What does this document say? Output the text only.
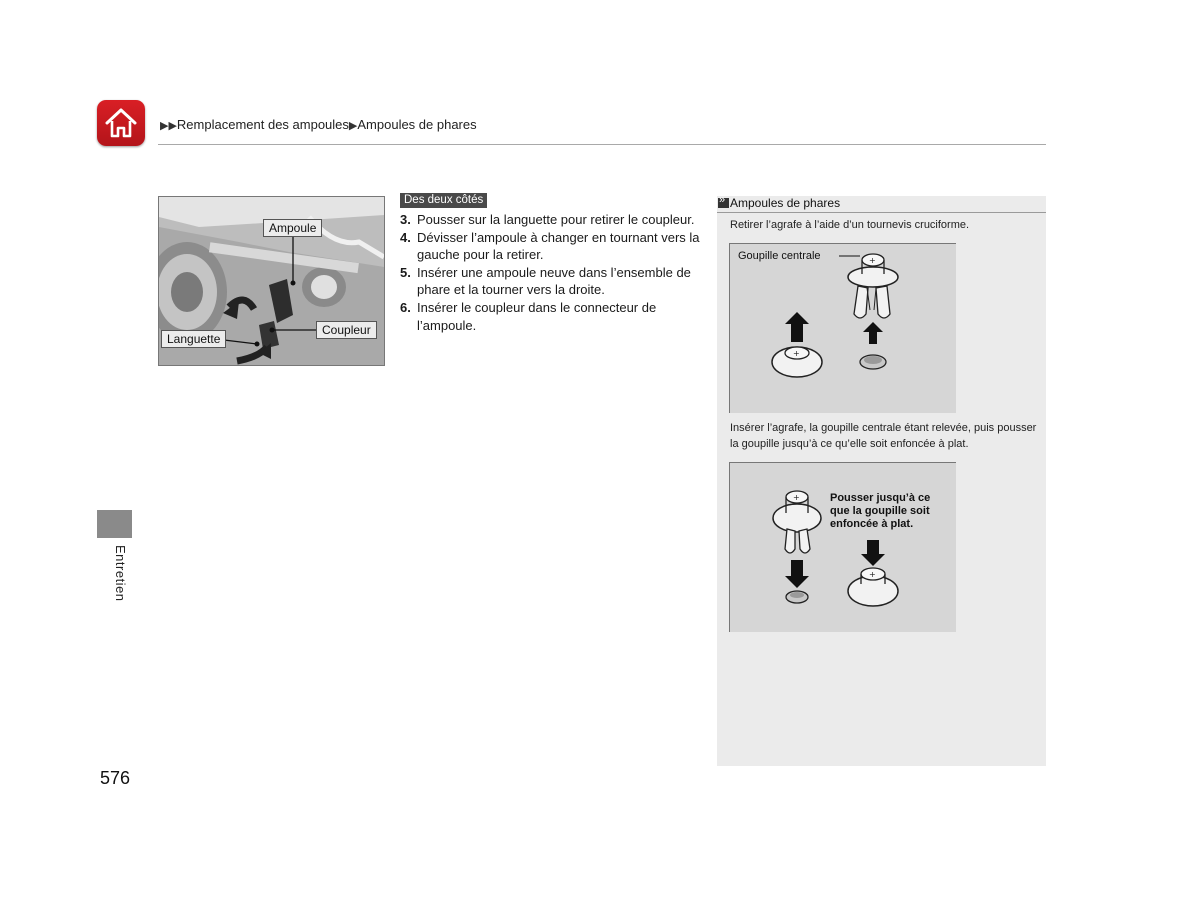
▶▶Remplacement des ampoules▶Ampoules de phares
Entretien
Ampoule
Coupleur
Languette
Des deux côtés
3. Pousser sur la languette pour retirer le coupleur.
4. Dévisser l’ampoule à changer en tournant vers la gauche pour la retirer.
5. Insérer une ampoule neuve dans l’ensemble de phare et la tourner vers la droite.
6. Insérer le coupleur dans le connecteur de l’ampoule.
»
Ampoules de phares

Retirer l’agrafe à l’aide d’un tournevis cruciforme.

+
+
Goupille centrale

Insérer l’agrafe, la goupille centrale étant relevée, puis pousser la goupille jusqu’à ce qu’elle soit enfoncée à plat.

+
+
Pousser jusqu’à ce
que la goupille soit
enfoncée à plat.
576
